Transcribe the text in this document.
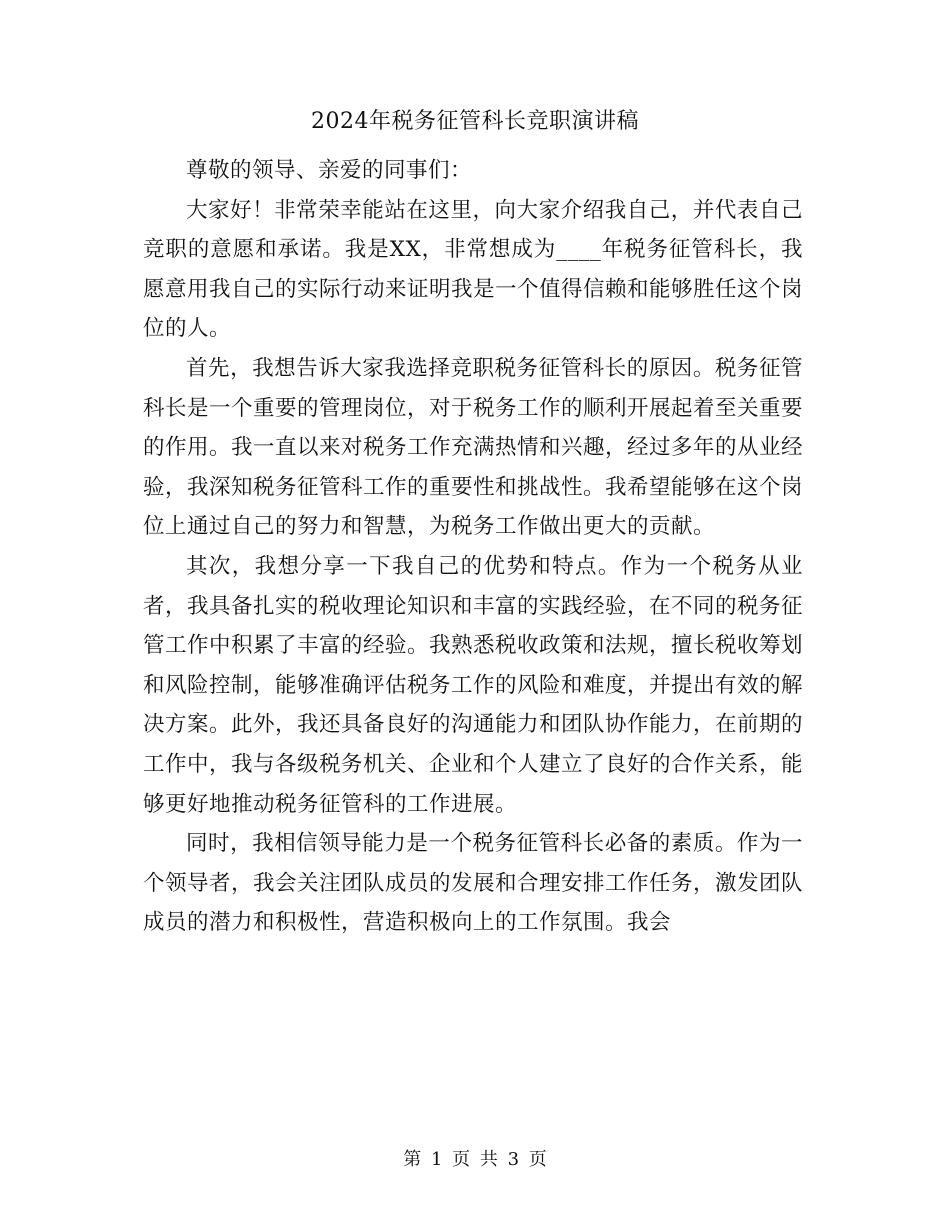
2024年税务征管科长竞职演讲稿

尊敬的领导、亲爱的同事们：

大家好！非常荣幸能站在这里，向大家介绍我自己，并代表自己竞职的意愿和承诺。我是XX，非常想成为____年税务征管科长，我愿意用我自己的实际行动来证明我是一个值得信赖和能够胜任这个岗位的人。

首先，我想告诉大家我选择竞职税务征管科长的原因。税务征管科长是一个重要的管理岗位，对于税务工作的顺利开展起着至关重要的作用。我一直以来对税务工作充满热情和兴趣，经过多年的从业经验，我深知税务征管科工作的重要性和挑战性。我希望能够在这个岗位上通过自己的努力和智慧，为税务工作做出更大的贡献。

其次，我想分享一下我自己的优势和特点。作为一个税务从业者，我具备扎实的税收理论知识和丰富的实践经验，在不同的税务征管工作中积累了丰富的经验。我熟悉税收政策和法规，擅长税收筹划和风险控制，能够准确评估税务工作的风险和难度，并提出有效的解决方案。此外，我还具备良好的沟通能力和团队协作能力，在前期的工作中，我与各级税务机关、企业和个人建立了良好的合作关系，能够更好地推动税务征管科的工作进展。

同时，我相信领导能力是一个税务征管科长必备的素质。作为一个领导者，我会关注团队成员的发展和合理安排工作任务，激发团队成员的潜力和积极性，营造积极向上的工作氛围。我会

第 1 页 共 3 页
